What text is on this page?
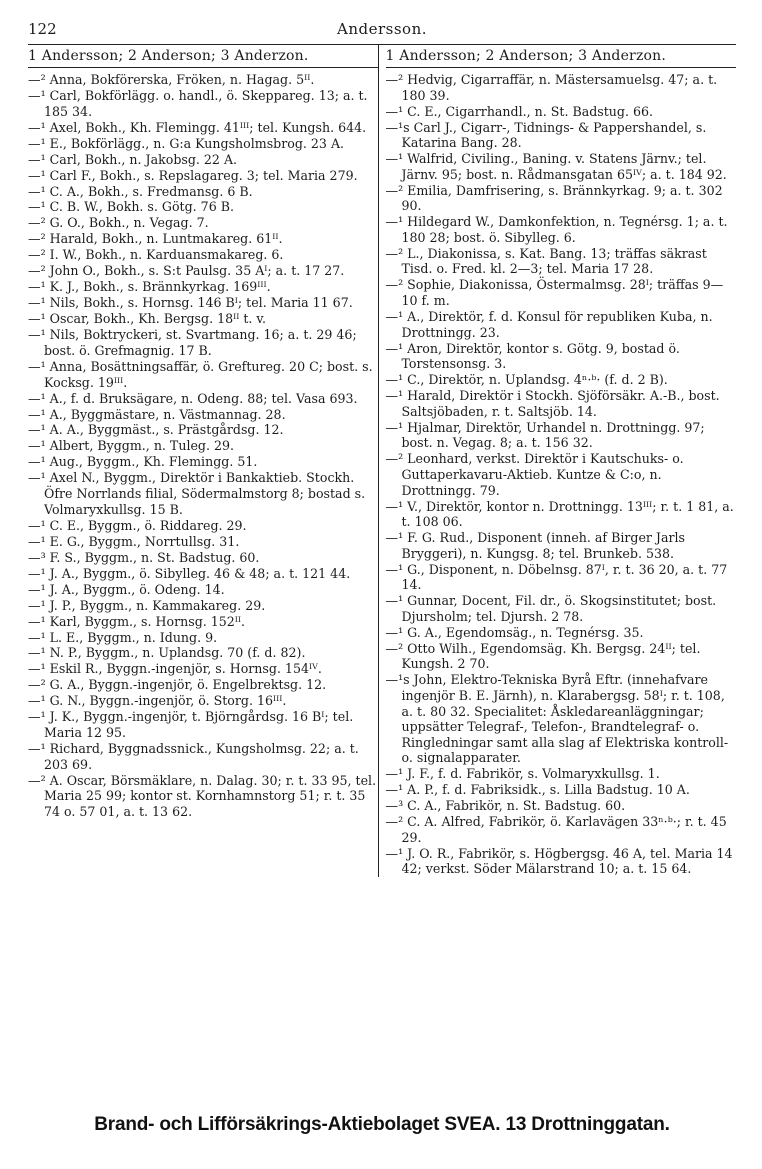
122	Andersson.
1 Andersson; 2 Anderson; 3 Anderzon.
—² Anna, Bokförerska, Fröken, n. Hagag. 5ᴵᴵ.
—¹ Carl, Bokförlägg. o. handl., ö. Skeppareg. 13; a. t. 185 34.
—¹ Axel, Bokh., Kh. Flemingg. 41ᴵᴵᴵ; tel. Kungsh. 644.
—¹ E., Bokförlägg., n. G:a Kungsholmsbrog. 23 A.
—¹ Carl, Bokh., n. Jakobsg. 22 A.
—¹ Carl F., Bokh., s. Repslagareg. 3; tel. Maria 279.
—¹ C. A., Bokh., s. Fredmansg. 6 B.
—¹ C. B. W., Bokh. s. Götg. 76 B.
—² G. O., Bokh., n. Vegag. 7.
—² Harald, Bokh., n. Luntmakareg. 61ᴵᴵ.
—² I. W., Bokh., n. Karduansmakareg. 6.
—² John O., Bokh., s. S:t Paulsg. 35 Aᴵ; a. t. 17 27.
—¹ K. J., Bokh., s. Brännkyrkag. 169ᴵᴵᴵ.
—¹ Nils, Bokh., s. Hornsg. 146 Bᴵ; tel. Maria 11 67.
—¹ Oscar, Bokh., Kh. Bergsg. 18ᴵᴵ t. v.
—¹ Nils, Boktryckeri, st. Svartmang. 16; a. t. 29 46; bost. ö. Grefmagnig. 17 B.
—¹ Anna, Bosättningsaffär, ö. Greftureg. 20 C; bost. s. Kocksg. 19ᴵᴵᴵ.
—¹ A., f. d. Bruksägare, n. Odeng. 88; tel. Vasa 693.
—¹ A., Byggmästare, n. Västmannag. 28.
—¹ A. A., Byggmäst., s. Prästgårdsg. 12.
—¹ Albert, Byggm., n. Tuleg. 29.
—¹ Aug., Byggm., Kh. Flemingg. 51.
—¹ Axel N., Byggm., Direktör i Bankaktieb. Stockh. Öfre Norrlands filial, Södermalmstorg 8; bostad s. Volmaryxkullsg. 15 B.
—¹ C. E., Byggm., ö. Riddareg. 29.
—¹ E. G., Byggm., Norrtullsg. 31.
—³ F. S., Byggm., n. St. Badstug. 60.
—¹ J. A., Byggm., ö. Sibylleg. 46 & 48; a. t. 121 44.
—¹ J. A., Byggm., ö. Odeng. 14.
—¹ J. P., Byggm., n. Kammakareg. 29.
—¹ Karl, Byggm., s. Hornsg. 152ᴵᴵ.
—¹ L. E., Byggm., n. Idung. 9.
—¹ N. P., Byggm., n. Uplandsg. 70 (f. d. 82).
—¹ Eskil R., Byggn.-ingenjör, s. Hornsg. 154ᴵⱽ.
—² G. A., Byggn.-ingenjör, ö. Engelbrektsg. 12.
—¹ G. N., Byggn.-ingenjör, ö. Storg. 16ᴵᴵᴵ.
—¹ J. K., Byggn.-ingenjör, t. Björngårdsg. 16 Bᴵ; tel. Maria 12 95.
—¹ Richard, Byggnadssnick., Kungsholmsg. 22; a. t. 203 69.
—² A. Oscar, Börsmäklare, n. Dalag. 30; r. t. 33 95, tel. Maria 25 99; kontor st. Kornhamnstorg 51; r. t. 35 74 o. 57 01, a. t. 13 62.
1 Andersson; 2 Anderson; 3 Anderzon.
—² Hedvig, Cigarraffär, n. Mästersamuelsg. 47; a. t. 180 39.
—¹ C. E., Cigarrhandl., n. St. Badstug. 66.
—¹s Carl J., Cigarr-, Tidnings- & Pappershandel, s. Katarina Bang. 28.
—¹ Walfrid, Civiling., Baning. v. Statens Järnv.; tel. Järnv. 95; bost. n. Rådmansgatan 65ᴵⱽ; a. t. 184 92.
—² Emilia, Damfrisering, s. Brännkyrkag. 9; a. t. 302 90.
—¹ Hildegard W., Damkonfektion, n. Tegnérsg. 1; a. t. 180 28; bost. ö. Sibylleg. 6.
—² L., Diakonissa, s. Kat. Bang. 13; träffas säkrast Tisd. o. Fred. kl. 2—3; tel. Maria 17 28.
—² Sophie, Diakonissa, Östermalmsg. 28ᴵ; träffas 9—10 f. m.
—¹ A., Direktör, f. d. Konsul för republiken Kuba, n. Drottningg. 23.
—¹ Aron, Direktör, kontor s. Götg. 9, bostad ö. Torstensonsg. 3.
—¹ C., Direktör, n. Uplandsg. 4ⁿ·ᵇ· (f. d. 2 B).
—¹ Harald, Direktör i Stockh. Sjöförsäkr. A.-B., bost. Saltsjöbaden, r. t. Saltsjöb. 14.
—¹ Hjalmar, Direktör, Urhandel n. Drottningg. 97; bost. n. Vegag. 8; a. t. 156 32.
—² Leonhard, verkst. Direktör i Kautschuks- o. Guttaperkavaru-Aktieb. Kuntze & C:o, n. Drottningg. 79.
—¹ V., Direktör, kontor n. Drottningg. 13ᴵᴵᴵ; r. t. 1 81, a. t. 108 06.
—¹ F. G. Rud., Disponent (inneh. af Birger Jarls Bryggeri), n. Kungsg. 8; tel. Brunkeb. 538.
—¹ G., Disponent, n. Döbelnsg. 87ᴵ, r. t. 36 20, a. t. 77 14.
—¹ Gunnar, Docent, Fil. dr., ö. Skogsinstitutet; bost. Djursholm; tel. Djursh. 2 78.
—¹ G. A., Egendomsäg., n. Tegnérsg. 35.
—² Otto Wilh., Egendomsäg. Kh. Bergsg. 24ᴵᴵ; tel. Kungsh. 2 70.
—¹s John, Elektro-Tekniska Byrå Eftr. (innehafvare ingenjör B. E. Järnh), n. Klarabergsg. 58ᴵ; r. t. 108, a. t. 80 32. Specialitet: Åskledareanläggningar; uppsätter Telegraf-, Telefon-, Brandtelegraf- o. Ringledningar samt alla slag af Elektriska kontroll- o. signalapparater.
—¹ J. F., f. d. Fabrikör, s. Volmaryxkullsg. 1.
—¹ A. P., f. d. Fabriksidk., s. Lilla Badstug. 10 A.
—³ C. A., Fabrikör, n. St. Badstug. 60.
—² C. A. Alfred, Fabrikör, ö. Karlavägen 33ⁿ·ᵇ·; r. t. 45 29.
—¹ J. O. R., Fabrikör, s. Högbergsg. 46 A, tel. Maria 14 42; verkst. Söder Mälarstrand 10; a. t. 15 64.
Brand- och Lifförsäkrings-Aktiebolaget SVEA. 13 Drottninggatan.
